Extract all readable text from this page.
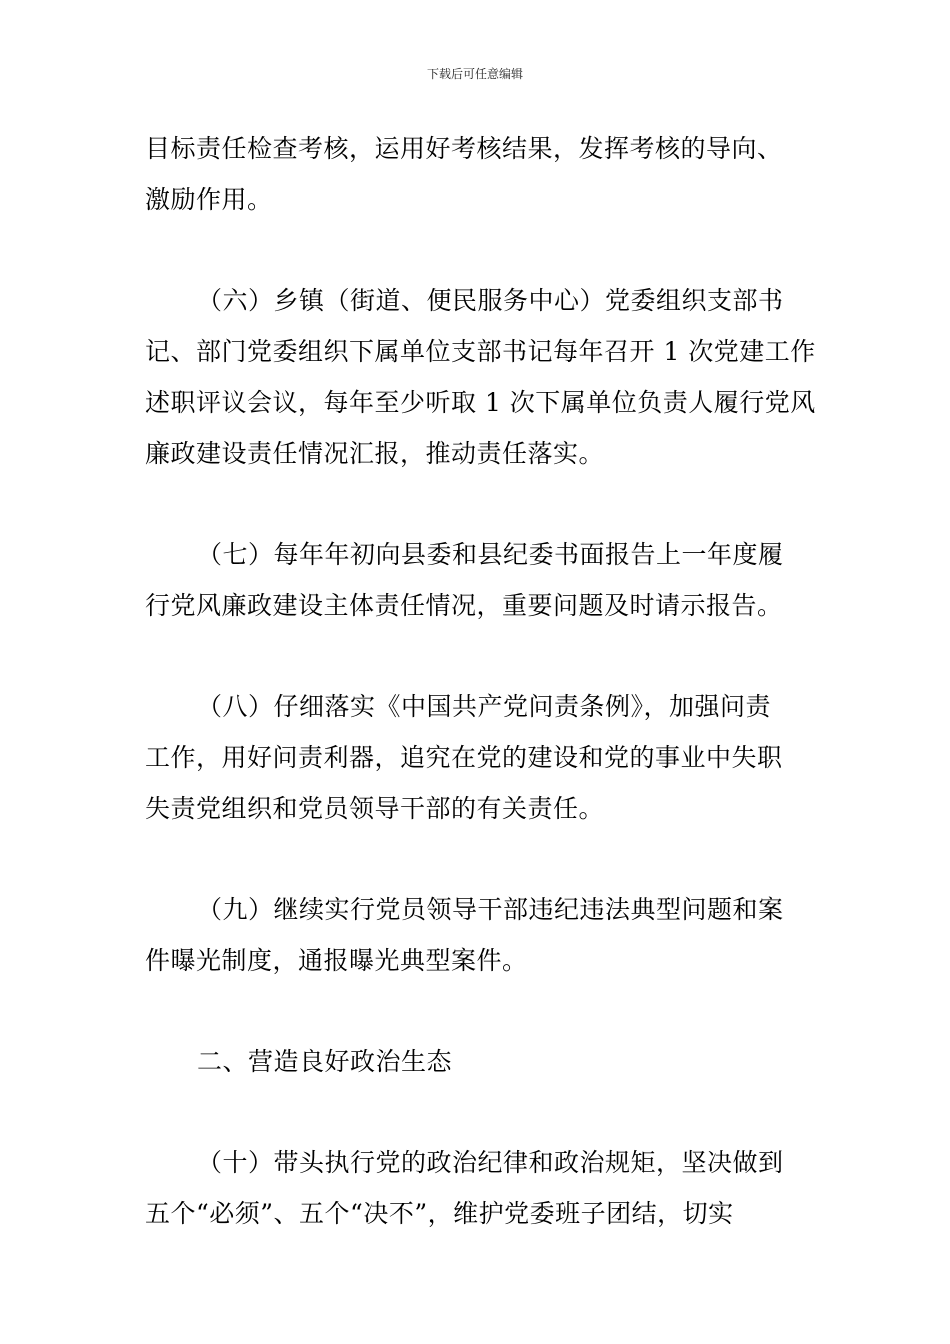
下载后可任意编辑
目标责任检查考核，运用好考核结果，发挥考核的导向、
激励作用。
（六）乡镇（街道、便民服务中心）党委组织支部书
记、部门党委组织下属单位支部书记每年召开 1 次党建工作
述职评议会议，每年至少听取 1 次下属单位负责人履行党风
廉政建设责任情况汇报，推动责任落实。
（七）每年年初向县委和县纪委书面报告上一年度履
行党风廉政建设主体责任情况，重要问题及时请示报告。
（八）仔细落实《中国共产党问责条例》，加强问责
工作，用好问责利器，追究在党的建设和党的事业中失职
失责党组织和党员领导干部的有关责任。
（九）继续实行党员领导干部违纪违法典型问题和案
件曝光制度，通报曝光典型案件。
二、营造良好政治生态
（十）带头执行党的政治纪律和政治规矩，坚决做到
五个“必须”、五个“决不”，维护党委班子团结，切实
